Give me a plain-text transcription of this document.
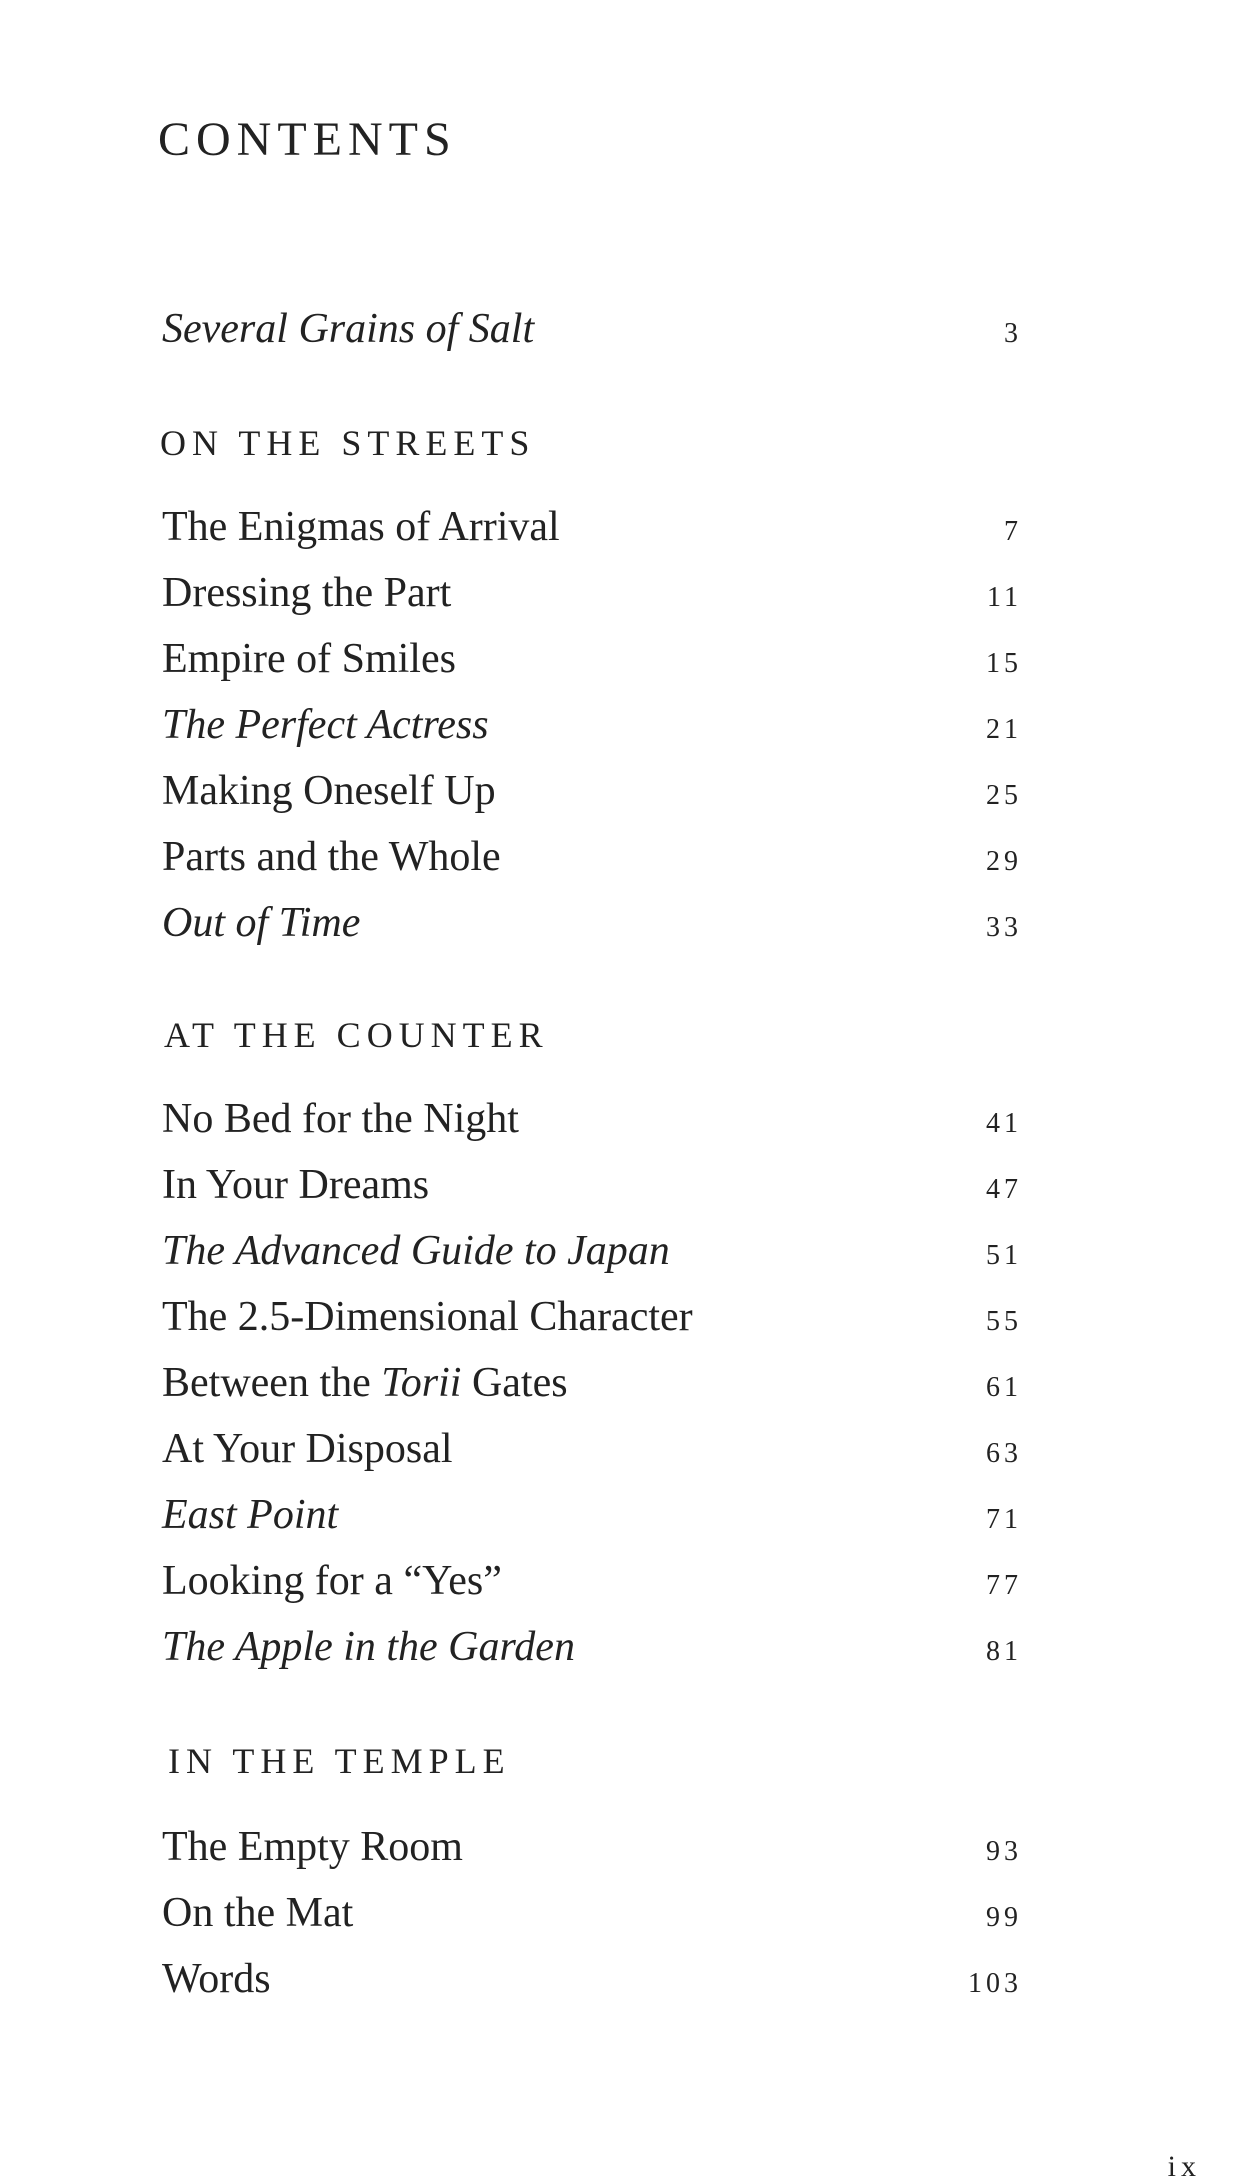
CONTENTS
Several Grains of Salt	3
ON THE STREETS
The Enigmas of Arrival	7
Dressing the Part	11
Empire of Smiles	15
The Perfect Actress	21
Making Oneself Up	25
Parts and the Whole	29
Out of Time	33
AT THE COUNTER
No Bed for the Night	41
In Your Dreams	47
The Advanced Guide to Japan	51
The 2.5-Dimensional Character	55
Between the Torii Gates	61
At Your Disposal	63
East Point	71
Looking for a “Yes”	77
The Apple in the Garden	81
IN THE TEMPLE
The Empty Room	93
On the Mat	99
Words	103
ix
